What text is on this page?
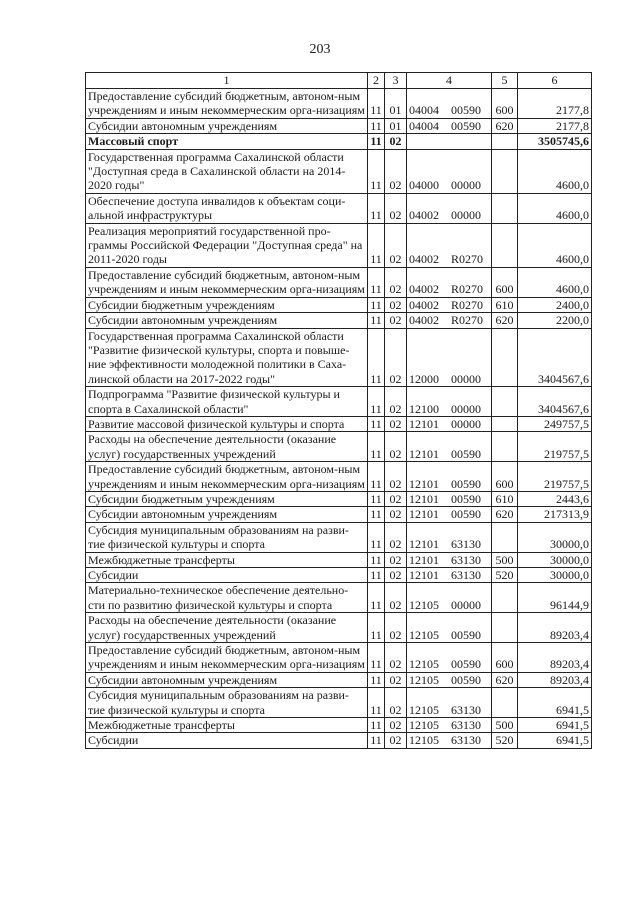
203
1	2	3	4	5	6
Предоставление субсидий бюджетным, автоном-ным учреждениям и иным некоммерческим орга-низациям	11	01	04004 00590	600	2177,8
Субсидии автономным учреждениям	11	01	04004 00590	620	2177,8
Массовый спорт	11	02			3505745,6
Государственная программа Сахалинской области "Доступная среда в Сахалинской области на 2014-2020 годы"	11	02	04000 00000		4600,0
Обеспечение доступа инвалидов к объектам соци-альной инфраструктуры	11	02	04002 00000		4600,0
Реализация мероприятий государственной про-граммы Российской Федерации "Доступная среда" на 2011-2020 годы	11	02	04002 R0270		4600,0
Предоставление субсидий бюджетным, автоном-ным учреждениям и иным некоммерческим орга-низациям	11	02	04002 R0270	600	4600,0
Субсидии бюджетным учреждениям	11	02	04002 R0270	610	2400,0
Субсидии автономным учреждениям	11	02	04002 R0270	620	2200,0
Государственная программа Сахалинской области "Развитие физической культуры, спорта и повыше-ние эффективности молодежной политики в Саха-линской области на 2017-2022 годы"	11	02	12000 00000		3404567,6
Подпрограмма "Развитие физической культуры и спорта в Сахалинской области"	11	02	12100 00000		3404567,6
Развитие массовой физической культуры и спорта	11	02	12101 00000		249757,5
Расходы на обеспечение деятельности (оказание услуг) государственных учреждений	11	02	12101 00590		219757,5
Предоставление субсидий бюджетным, автоном-ным учреждениям и иным некоммерческим орга-низациям	11	02	12101 00590	600	219757,5
Субсидии бюджетным учреждениям	11	02	12101 00590	610	2443,6
Субсидии автономным учреждениям	11	02	12101 00590	620	217313,9
Субсидия муниципальным образованиям на разви-тие физической культуры и спорта	11	02	12101 63130		30000,0
Межбюджетные трансферты	11	02	12101 63130	500	30000,0
Субсидии	11	02	12101 63130	520	30000,0
Материально-техническое обеспечение деятельно-сти по развитию физической культуры и спорта	11	02	12105 00000		96144,9
Расходы на обеспечение деятельности (оказание услуг) государственных учреждений	11	02	12105 00590		89203,4
Предоставление субсидий бюджетным, автоном-ным учреждениям и иным некоммерческим орга-низациям	11	02	12105 00590	600	89203,4
Субсидии автономным учреждениям	11	02	12105 00590	620	89203,4
Субсидия муниципальным образованиям на разви-тие физической культуры и спорта	11	02	12105 63130		6941,5
Межбюджетные трансферты	11	02	12105 63130	500	6941,5
Субсидии	11	02	12105 63130	520	6941,5
